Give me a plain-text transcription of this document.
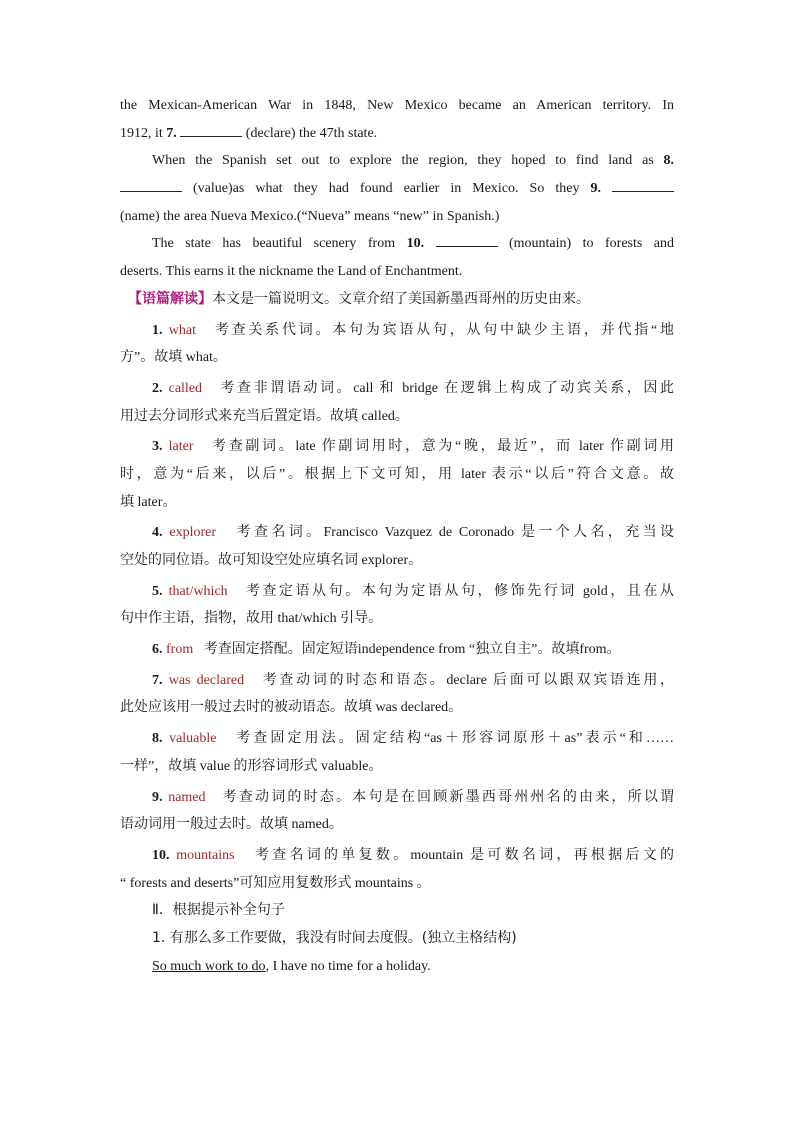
the Mexican-American War in 1848, New Mexico became an American territory. In
1912, it 7.	(declare) the 47th state.
When the Spanish set out to explore the region, they hoped to find land as 8.
(value)as what they had found earlier in Mexico. So they 9.
(name) the area Nueva Mexico.(“Nueva” means “new” in Spanish.)
The state has beautiful scenery from 10.	(mountain) to forests and
deserts. This earns it the nickname the Land of Enchantment.
【语篇解读】本文是一篇说明文。文章介绍了美国新墨西哥州的历史由来。
1. what 考查关系代词。本句为宾语从句，从句中缺少主语，并代指“地
方”。故填 what。
2. called 考查非谓语动词。call 和 bridge 在逻辑上构成了动宾关系，因此
用过去分词形式来充当后置定语。故填 called。
3. later 考查副词。late 作副词用时，意为“晚，最近”，而 later 作副词用
时，意为“后来，以后”。根据上下文可知，用 later 表示“以后”符合文意。故
填 later。
4. explorer 考查名词。Francisco Vazquez de Coronado 是一个人名，充当设
空处的同位语。故可知设空处应填名词 explorer。
5. that/which 考查定语从句。本句为定语从句，修饰先行词 gold，且在从
句中作主语，指物，故用 that/which 引导。
6. from 考查固定搭配。固定短语independence from “独立自主”。故填from。
7. was declared 考查动词的时态和语态。declare 后面可以跟双宾语连用，
此处应该用一般过去时的被动语态。故填 was declared。
8. valuable 考查固定用法。固定结构“as＋形容词原形＋as”表示“和……
一样”，故填 value 的形容词形式 valuable。
9. named 考查动词的时态。本句是在回顾新墨西哥州州名的由来，所以谓
语动词用一般过去时。故填 named。
10. mountains 考查名词的单复数。mountain 是可数名词，再根据后文的
“ forests and deserts”可知应用复数形式 mountains 。
Ⅱ．根据提示补全句子
1. 有那么多工作要做，我没有时间去度假。(独立主格结构)
So much work to do, I have no time for a holiday.
